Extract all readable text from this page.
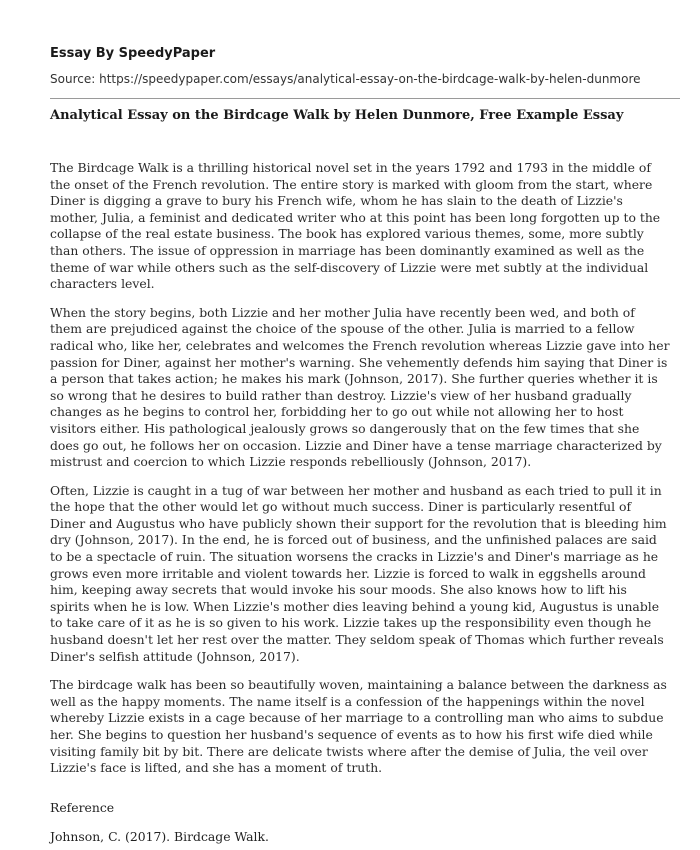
Essay By SpeedyPaper
Source: https://speedypaper.com/essays/analytical-essay-on-the-birdcage-walk-by-helen-dunmore
Analytical Essay on the Birdcage Walk by Helen Dunmore, Free Example Essay

The Birdcage Walk is a thrilling historical novel set in the years 1792 and 1793 in the middle of the onset of the French revolution. The entire story is marked with gloom from the start, where Diner is digging a grave to bury his French wife, whom he has slain to the death of Lizzie's mother, Julia, a feminist and dedicated writer who at this point has been long forgotten up to the collapse of the real estate business. The book has explored various themes, some, more subtly than others. The issue of oppression in marriage has been dominantly examined as well as the theme of war while others such as the self-discovery of Lizzie were met subtly at the individual characters level.

When the story begins, both Lizzie and her mother Julia have recently been wed, and both of them are prejudiced against the choice of the spouse of the other. Julia is married to a fellow radical who, like her, celebrates and welcomes the French revolution whereas Lizzie gave into her passion for Diner, against her mother's warning. She vehemently defends him saying that Diner is a person that takes action; he makes his mark (Johnson, 2017). She further queries whether it is so wrong that he desires to build rather than destroy. Lizzie's view of her husband gradually changes as he begins to control her, forbidding her to go out while not allowing her to host visitors either. His pathological jealously grows so dangerously that on the few times that she does go out, he follows her on occasion. Lizzie and Diner have a tense marriage characterized by mistrust and coercion to which Lizzie responds rebelliously (Johnson, 2017).

Often, Lizzie is caught in a tug of war between her mother and husband as each tried to pull it in the hope that the other would let go without much success. Diner is particularly resentful of Diner and Augustus who have publicly shown their support for the revolution that is bleeding him dry (Johnson, 2017). In the end, he is forced out of business, and the unfinished palaces are said to be a spectacle of ruin. The situation worsens the cracks in Lizzie's and Diner's marriage as he grows even more irritable and violent towards her. Lizzie is forced to walk in eggshells around him, keeping away secrets that would invoke his sour moods. She also knows how to lift his spirits when he is low. When Lizzie's mother dies leaving behind a young kid, Augustus is unable to take care of it as he is so given to his work. Lizzie takes up the responsibility even though he husband doesn't let her rest over the matter. They seldom speak of Thomas which further reveals Diner's selfish attitude (Johnson, 2017).

The birdcage walk has been so beautifully woven, maintaining a balance between the darkness as well as the happy moments. The name itself is a confession of the happenings within the novel whereby Lizzie exists in a cage because of her marriage to a controlling man who aims to subdue her. She begins to question her husband's sequence of events as to how his first wife died while visiting family bit by bit. There are delicate twists where after the demise of Julia, the veil over Lizzie's face is lifted, and she has a moment of truth.

Reference
Johnson, C. (2017). Birdcage Walk.
